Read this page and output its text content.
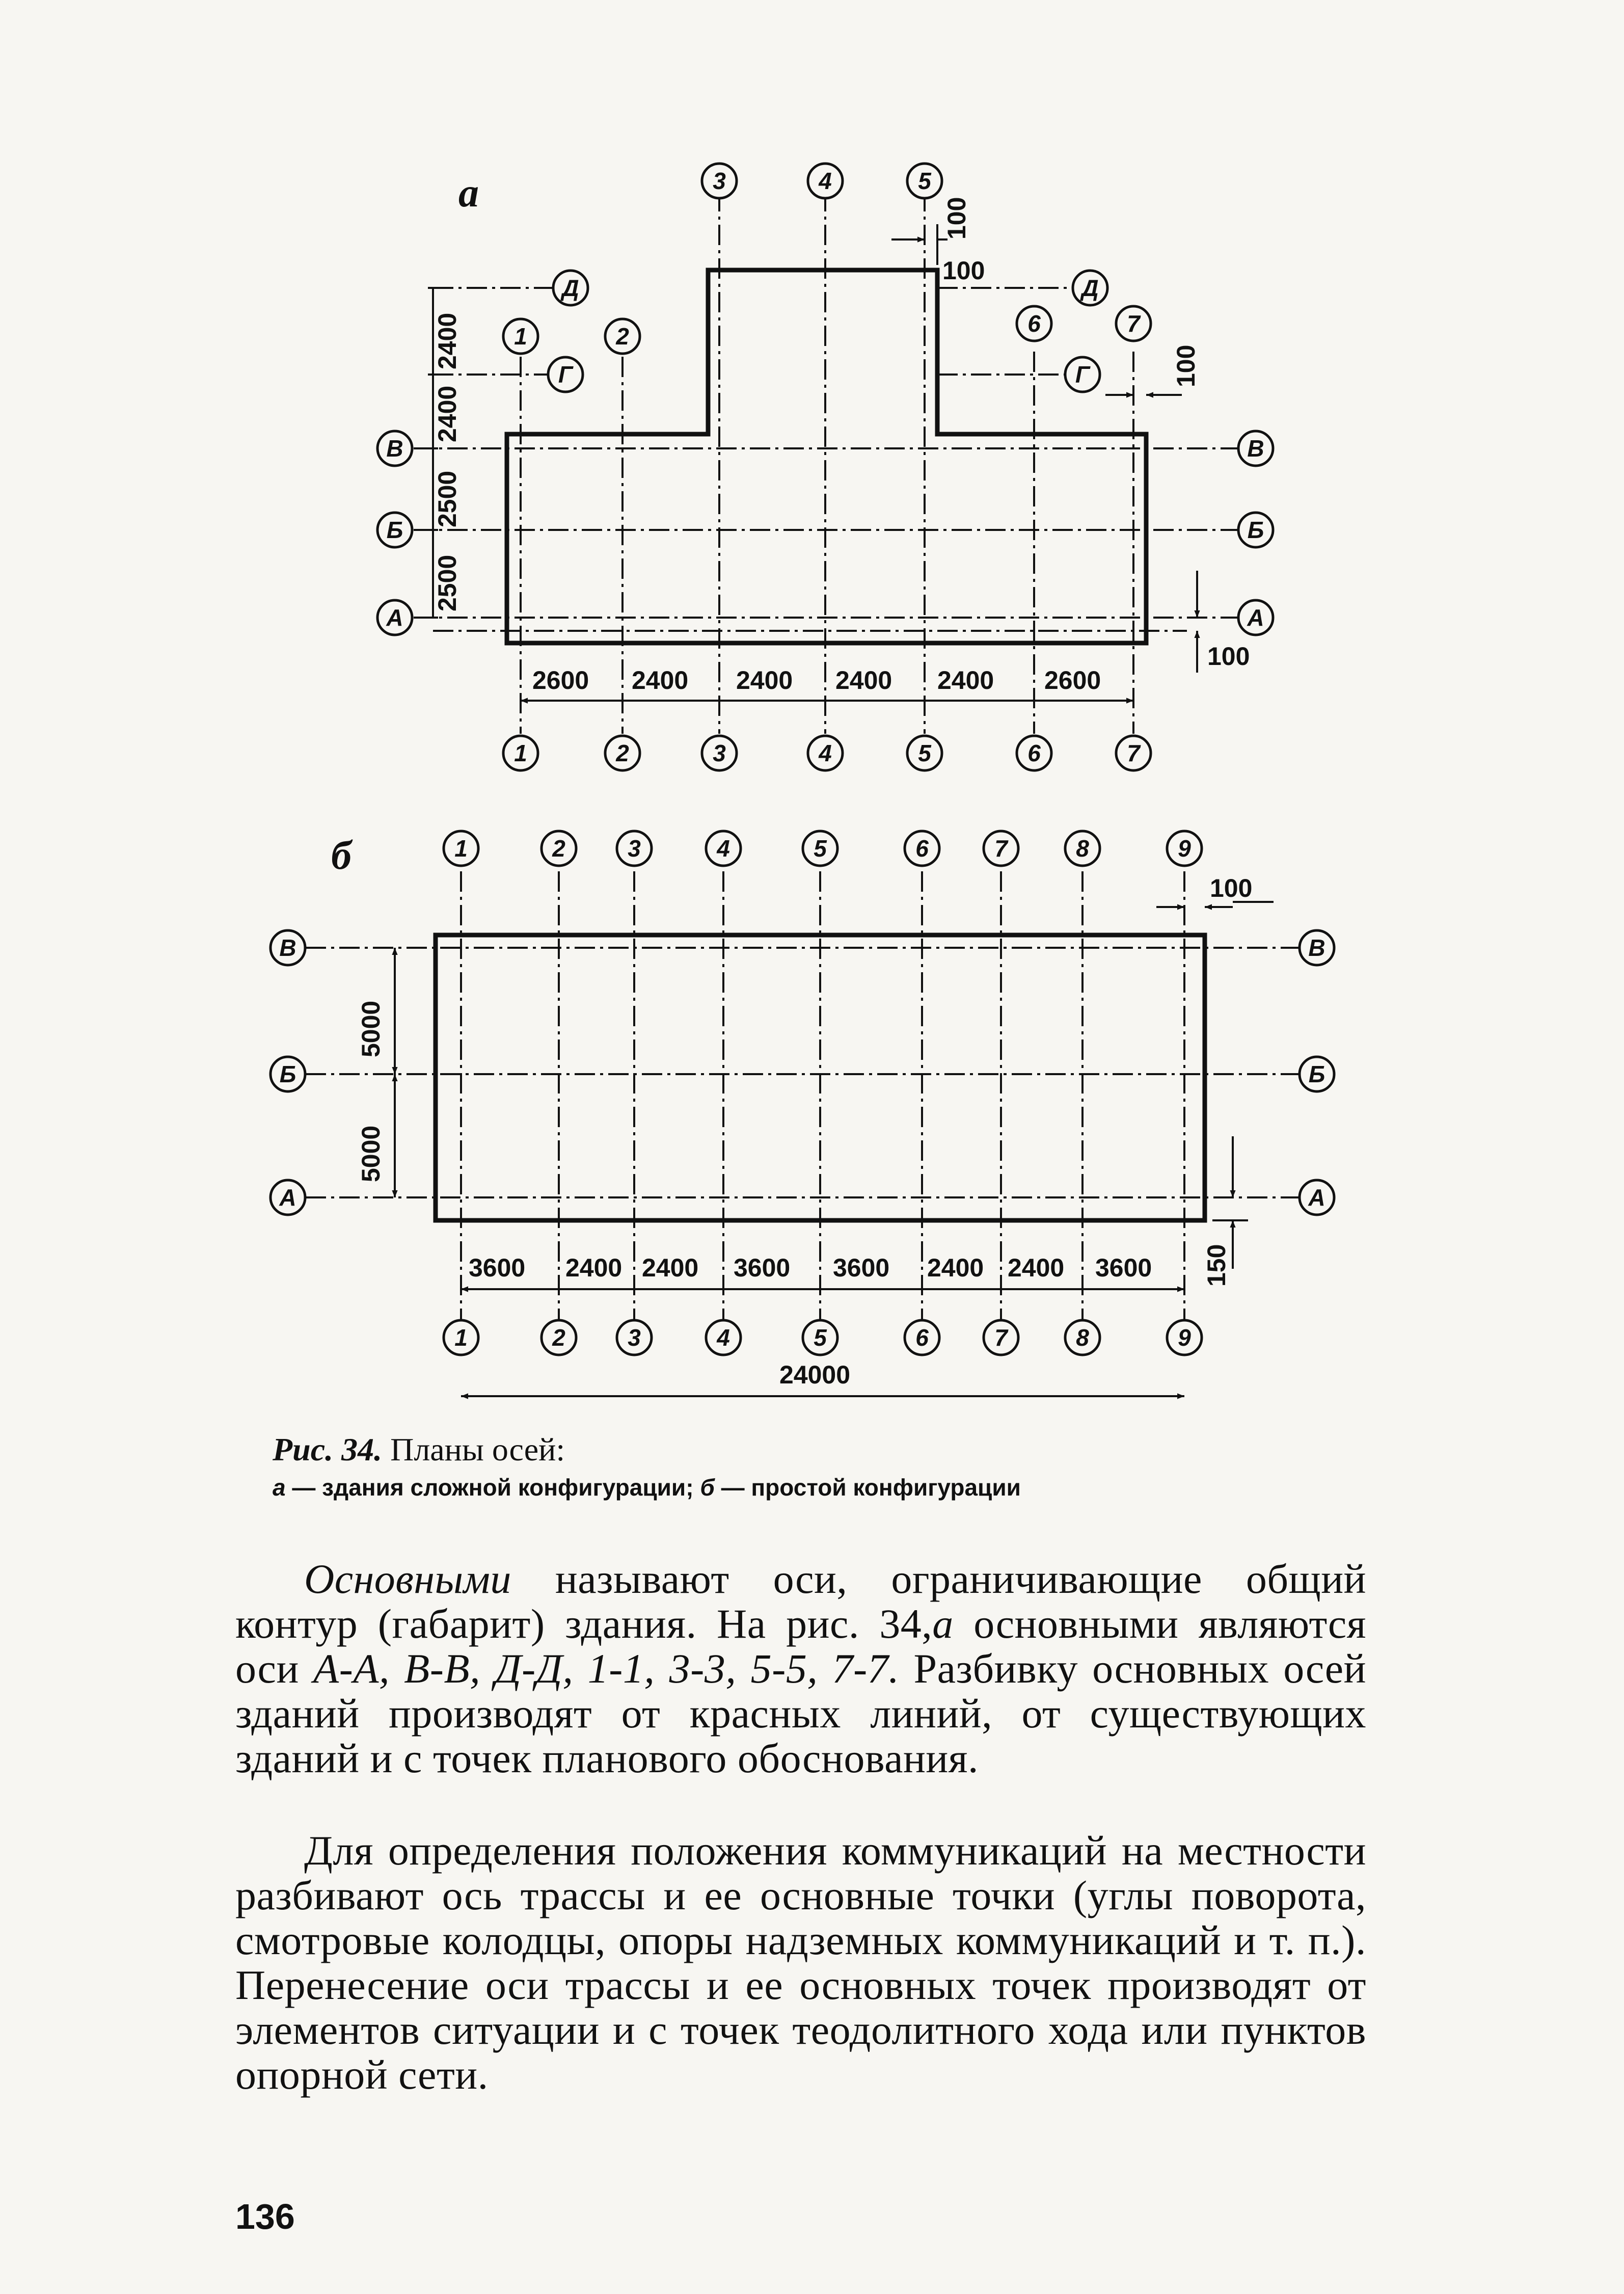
а
б
2500
2500
2400
2400
2600 2400 2400 2400 2400 2600
100
100
100
100
1
1
2
2
3
3
4
4
5
5
6
6
7
7
А	А
Б	Б
В	В
Г	Г
Д	Д
5000
5000
3600 2400 2400 3600 3600 2400 2400 3600
24000
100
150
1
1
2
2
3
3
4
4
5
5
6
6
7
7
8
8
9
9
А	А
Б	Б
В	В
Рис. 34. Планы осей:
а — здания сложной конфигурации; б — простой конфигурации
Основными называют оси, ограничивающие общий контур (габарит) здания. На рис. 34,а основными являются оси А-А, В-В, Д-Д, 1-1, 3-3, 5-5, 7-7. Разбивку основных осей зданий производят от красных линий, от существующих зданий и с точек планового обоснования.
Для определения положения коммуникаций на местности разбивают ось трассы и ее основные точки (углы поворота, смотровые колодцы, опоры надземных коммуникаций и т. п.). Перенесение оси трассы и ее основных точек производят от элементов ситуации и с точек теодолитного хода или пунктов опорной сети.
136
